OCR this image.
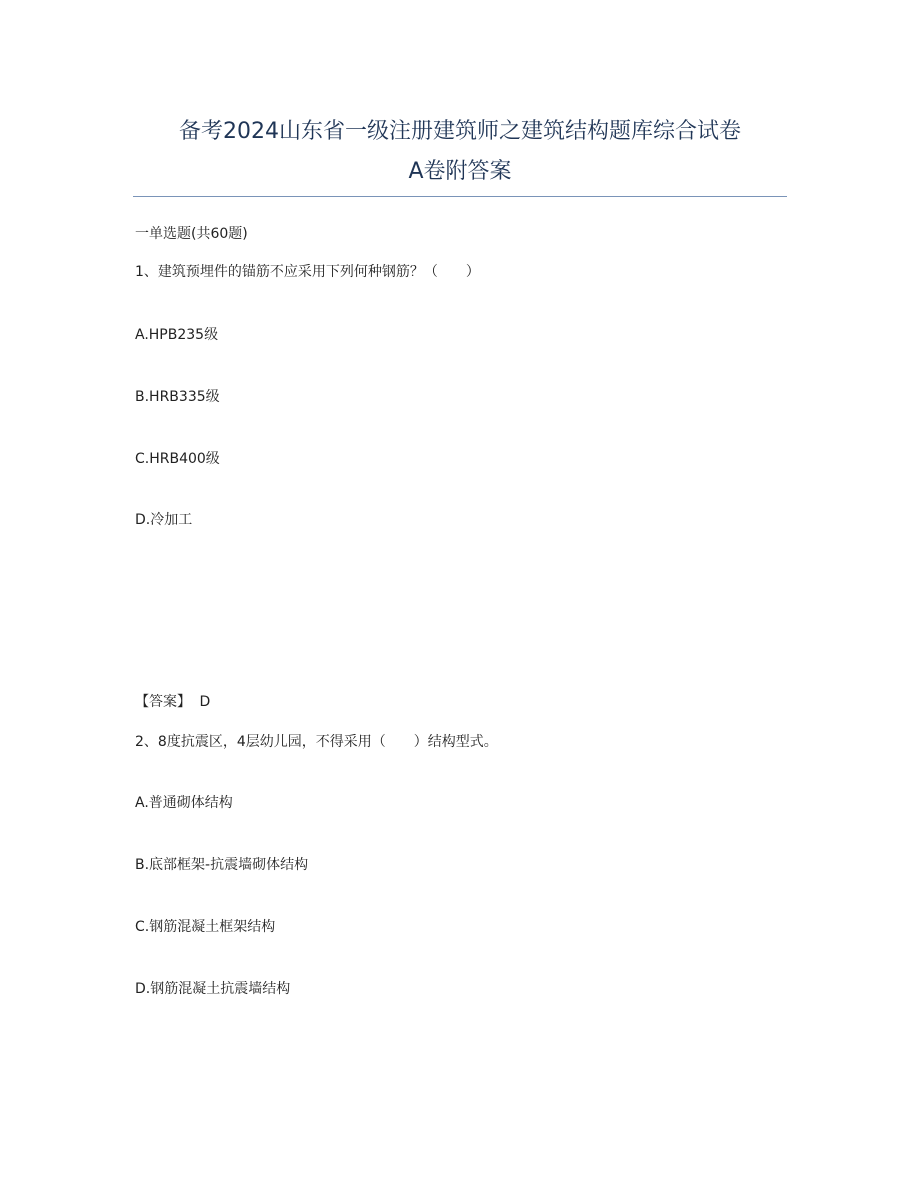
备考2024山东省一级注册建筑师之建筑结构题库综合试卷
A卷附答案
一单选题(共60题)
1、建筑预埋件的锚筋不应采用下列何种钢筋？（　　）
A.HPB235级
B.HRB335级
C.HRB400级
D.冷加工
【答案】 D
2、8度抗震区，4层幼儿园，不得采用（　　）结构型式。
A.普通砌体结构
B.底部框架-抗震墙砌体结构
C.钢筋混凝土框架结构
D.钢筋混凝土抗震墙结构
